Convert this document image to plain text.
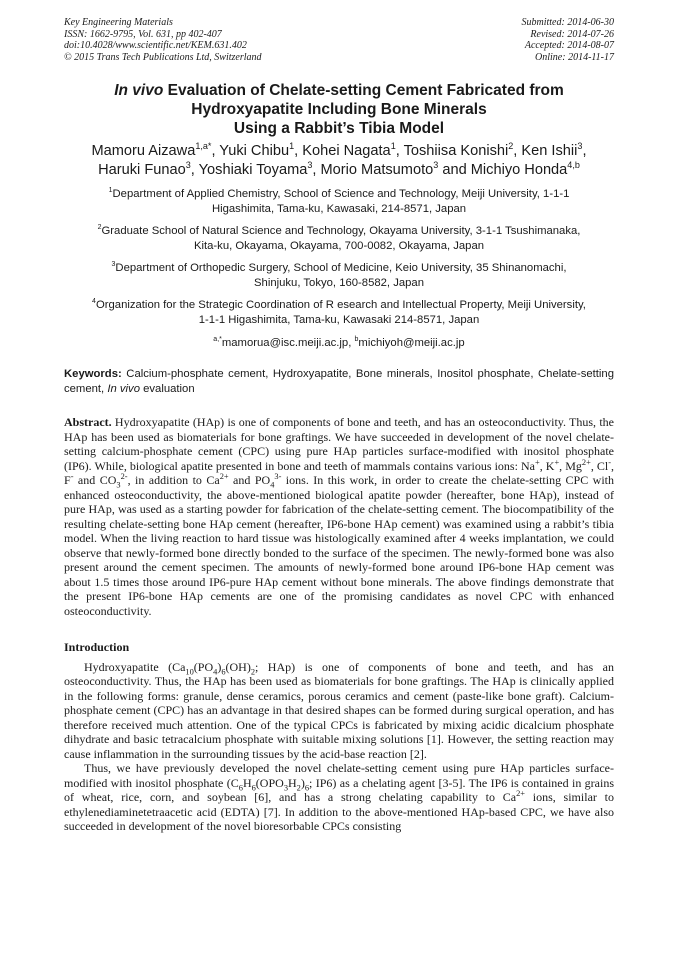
Key Engineering Materials
ISSN: 1662-9795, Vol. 631, pp 402-407
doi:10.4028/www.scientific.net/KEM.631.402
© 2015 Trans Tech Publications Ltd, Switzerland
Submitted: 2014-06-30
Revised: 2014-07-26
Accepted: 2014-08-07
Online: 2014-11-17
In vivo Evaluation of Chelate-setting Cement Fabricated from
Hydroxyapatite Including Bone Minerals
Using a Rabbit’s Tibia Model
Mamoru Aizawa$^{1,a*}$, Yuki Chibu$^1$, Kohei Nagata$^1$, Toshiisa Konishi$^2$, Ken Ishii$^3$,
Haruki Funao$^3$, Yoshiaki Toyama$^3$, Morio Matsumoto$^3$ and Michiyo Honda$^{4,b}$
$^1$Department of Applied Chemistry, School of Science and Technology, Meiji University, 1-1-1
Higashimita, Tama-ku, Kawasaki, 214-8571, Japan
$^2$Graduate School of Natural Science and Technology, Okayama University, 3-1-1 Tsushimanaka,
Kita-ku, Okayama, Okayama, 700-0082, Okayama, Japan
$^3$Department of Orthopedic Surgery, School of Medicine, Keio University, 35 Shinanomachi,
Shinjuku, Tokyo, 160-8582, Japan
$^4$Organization for the Strategic Coordination of R esearch and Intellectual Property, Meiji University,
1-1-1 Higashimita, Tama-ku, Kawasaki 214-8571, Japan
$^{a,*}$mamorua@isc.meiji.ac.jp, $^b$michiyoh@meiji.ac.jp
Keywords: Calcium-phosphate cement, Hydroxyapatite, Bone minerals, Inositol phosphate, Chelate-setting cement, In vivo evaluation

Abstract. Hydroxyapatite (HAp) is one of components of bone and teeth, and has an osteoconductivity. Thus, the HAp has been used as biomaterials for bone graftings. We have succeeded in development of the novel chelate-setting calcium-phosphate cement (CPC) using pure HAp particles surface-modified with inositol phosphate (IP6). While, biological apatite presented in bone and teeth of mammals contains various ions: Na+, K+, $Mg^{2+}$, Cl-, F- and $CO_3^{2-}$, in addition to $Ca^{2+}$ and $PO_4^{3-}$ ions. In this work, in order to create the chelate-setting CPC with enhanced osteoconductivity, the above-mentioned biological apatite powder (hereafter, bone HAp), instead of pure HAp, was used as a starting powder for fabrication of the chelate-setting cement. The biocompatibility of the resulting chelate-setting bone HAp cement (hereafter, IP6-bone HAp cement) was examined using a rabbit’s tibia model. When the living reaction to hard tissue was histologically examined after 4 weeks implantation, we could observe that newly-formed bone directly bonded to the surface of the specimen. The newly-formed bone was also present around the cement specimen. The amounts of newly-formed bone around IP6-bone HAp cement was about 1.5 times those around IP6-pure HAp cement without bone minerals. The above findings demonstrate that the present IP6-bone HAp cements are one of the promising candidates as novel CPC with enhanced osteoconductivity.

Introduction

Hydroxyapatite ($Ca_{10}(PO_4)_6(OH)_2$; HAp) is one of components of bone and teeth, and has an osteoconductivity. Thus, the HAp has been used as biomaterials for bone graftings. The HAp is clinically applied in the following forms: granule, dense ceramics, porous ceramics and cement (paste-like bone graft). Calcium-phosphate cement (CPC) has an advantage in that desired shapes can be formed during surgical operation, and has therefore received much attention. One of the typical CPCs is fabricated by mixing acidic dicalcium phosphate dihydrate and basic tetracalcium phosphate with suitable mixing solutions [1]. However, the setting reaction may cause inflammation in the surrounding tissues by the acid-base reaction [2].

Thus, we have previously developed the novel chelate-setting cement using pure HAp particles surface-modified with inositol phosphate ($C_6H_6(OPO_3H_2)_6$; IP6) as a chelating agent [3-5]. The IP6 is contained in grains of wheat, rice, corn, and soybean [6], and has a strong chelating capability to $Ca^{2+}$ ions, similar to ethylenediaminetetraacetic acid (EDTA) [7]. In addition to the above-mentioned HAp-based CPC, we have also succeeded in development of the novel bioresorbable CPCs consisting
